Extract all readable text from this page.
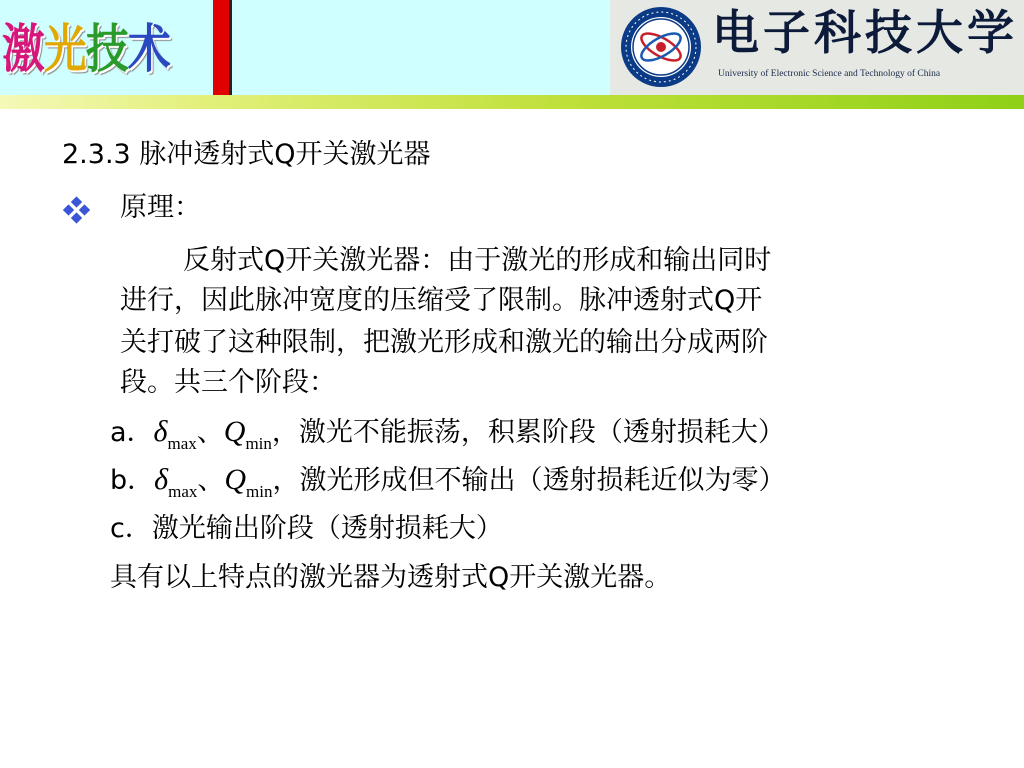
激光技术	电子科技大学
University of Electronic Science and Technology of China
2.3.3 脉冲透射式Q开关激光器
原理：
反射式Q开关激光器：由于激光的形成和输出同时
进行，因此脉冲宽度的压缩受了限制。脉冲透射式Q开
关打破了这种限制，把激光形成和激光的输出分成两阶
段。共三个阶段：
a．$\delta_{max}$、$Q_{min}$，激光不能振荡，积累阶段（透射损耗大）
b．$\delta_{max}$、$Q_{min}$，激光形成但不输出（透射损耗近似为零）
c．激光输出阶段（透射损耗大）
具有以上特点的激光器为透射式Q开关激光器。
